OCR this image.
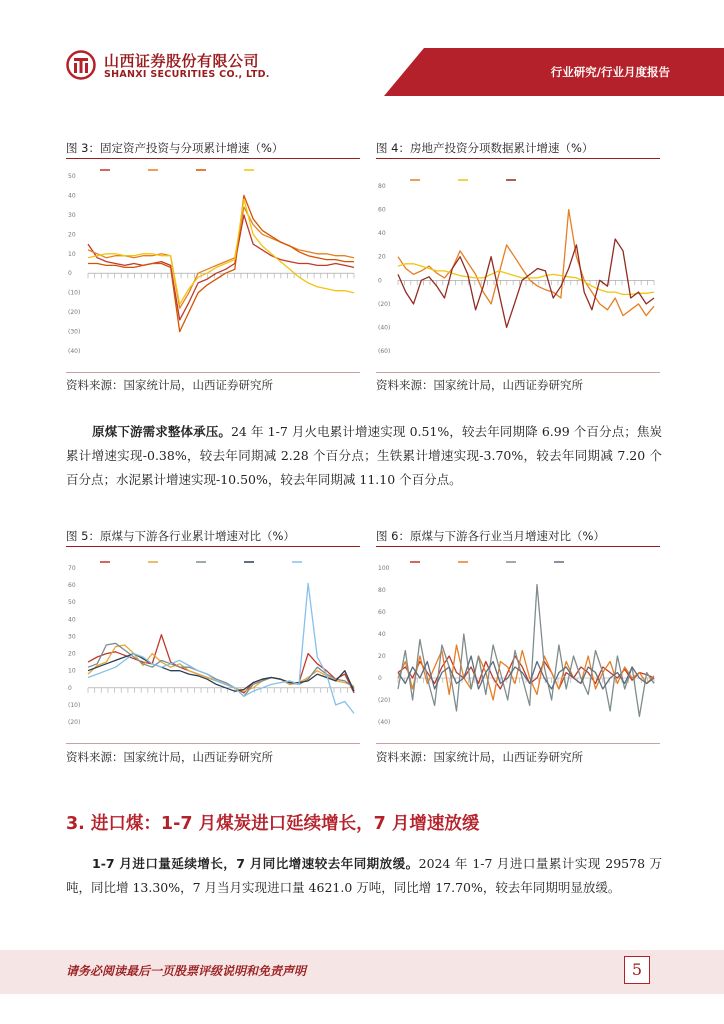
山西证券股份有限公司
SHANXI SECURITIES CO., LTD.	行业研究/行业月度报告
图 3：固定资产投资与分项累计增速（%）
50
40
30
20
10
0
(10)
(20)
(30)
(40)
资料来源：国家统计局，山西证券研究所
图 4：房地产投资分项数据累计增速（%）
80
60
40
20
0
(20)
(40)
(60)
资料来源：国家统计局，山西证券研究所
原煤下游需求整体承压。24 年 1-7 月火电累计增速实现 0.51%，较去年同期降 6.99 个百分点；焦炭累计增速实现-0.38%，较去年同期减 2.28 个百分点；生铁累计增速实现-3.70%，较去年同期减 7.20 个百分点；水泥累计增速实现-10.50%，较去年同期减 11.10 个百分点。
图 5：原煤与下游各行业累计增速对比（%）
70
60
50
40
30
20
10
0
(10)
(20)
资料来源：国家统计局，山西证券研究所
图 6：原煤与下游各行业当月增速对比（%）
100
80
60
40
20
0
(20)
(40)
资料来源：国家统计局，山西证券研究所
3. 进口煤：1-7 月煤炭进口延续增长，7 月增速放缓
1-7 月进口量延续增长，7 月同比增速较去年同期放缓。2024 年 1-7 月进口量累计实现 29578 万吨，同比增 13.30%，7 月当月实现进口量 4621.0 万吨，同比增 17.70%，较去年同期明显放缓。
请务必阅读最后一页股票评级说明和免责声明	5
